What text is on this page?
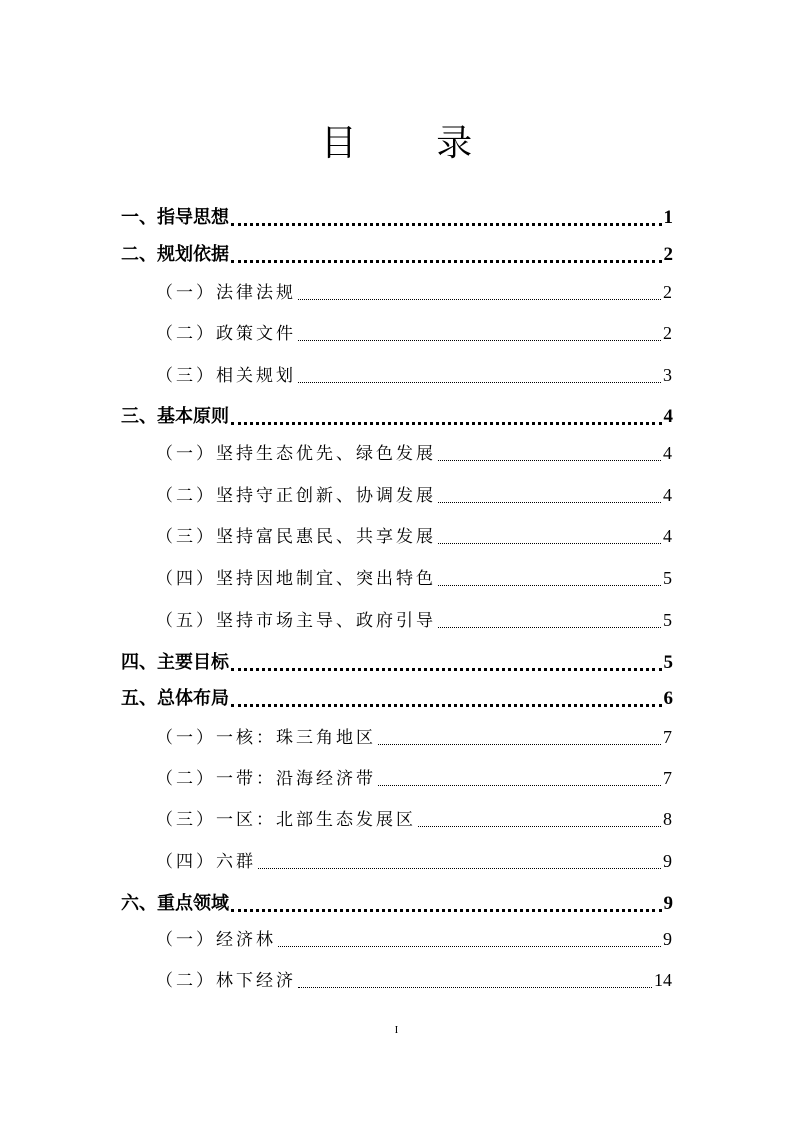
目 录
一、指导思想	1
二、规划依据	2
（一）法律法规	2
（二）政策文件	2
（三）相关规划	3
三、基本原则	4
（一）坚持生态优先、绿色发展	4
（二）坚持守正创新、协调发展	4
（三）坚持富民惠民、共享发展	4
（四）坚持因地制宜、突出特色	5
（五）坚持市场主导、政府引导	5
四、主要目标	5
五、总体布局	6
（一）一核：珠三角地区	7
（二）一带：沿海经济带	7
（三）一区：北部生态发展区	8
（四）六群	9
六、重点领域	9
（一）经济林	9
（二）林下经济	14
I
